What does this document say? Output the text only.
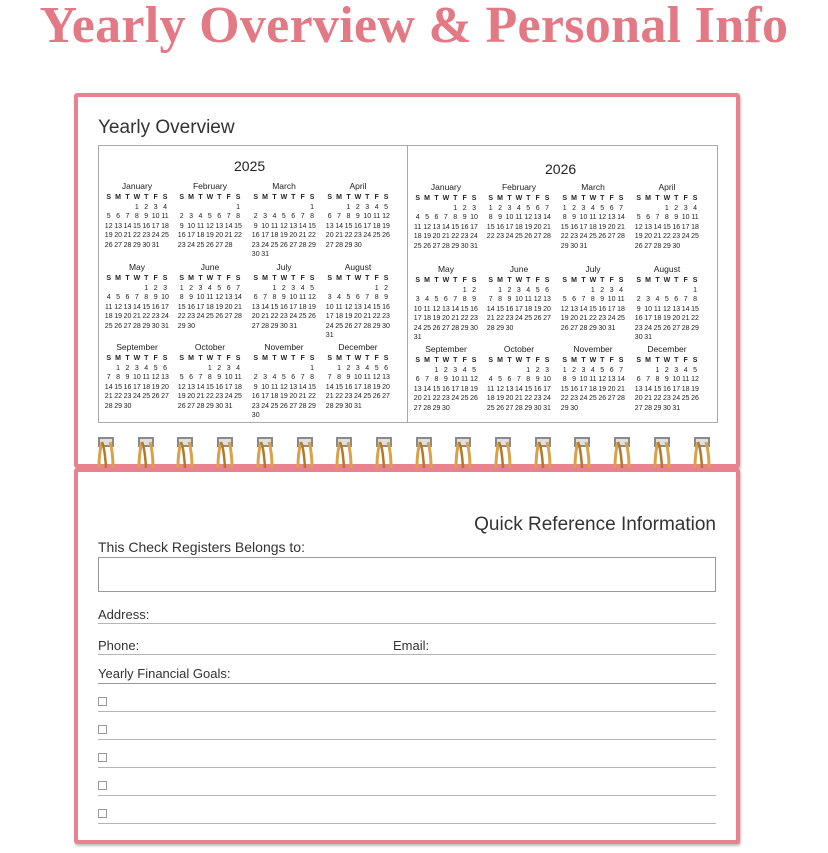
Yearly Overview & Personal Info
Yearly Overview
2025	2026
January
S M T W T F S
1 2 3 4
5 6 7 8 9 10 11
12 13 14 15 16 17 18
19 20 21 22 23 24 25
26 27 28 29 30 31
February
S M T W T F S
1
2 3 4 5 6 7 8
9 10 11 12 13 14 15
16 17 18 19 20 21 22
23 24 25 26 27 28
March
S M T W T F S
1
2 3 4 5 6 7 8
9 10 11 12 13 14 15
16 17 18 19 20 21 22
23 24 25 26 27 28 29
30 31
April
S M T W T F S
1 2 3 4 5
6 7 8 9 10 11 12
13 14 15 16 17 18 19
20 21 22 23 24 25 26
27 28 29 30
May
S M T W T F S
1 2 3
4 5 6 7 8 9 10
11 12 13 14 15 16 17
18 19 20 21 22 23 24
25 26 27 28 29 30 31
June
S M T W T F S
1 2 3 4 5 6 7
8 9 10 11 12 13 14
15 16 17 18 19 20 21
22 23 24 25 26 27 28
29 30
July
S M T W T F S
1 2 3 4 5
6 7 8 9 10 11 12
13 14 15 16 17 18 19
20 21 22 23 24 25 26
27 28 29 30 31
August
S M T W T F S
1 2
3 4 5 6 7 8 9
10 11 12 13 14 15 16
17 18 19 20 21 22 23
24 25 26 27 28 29 30
31
September
S M T W T F S
1 2 3 4 5 6
7 8 9 10 11 12 13
14 15 16 17 18 19 20
21 22 23 24 25 26 27
28 29 30
October
S M T W T F S
1 2 3 4
5 6 7 8 9 10 11
12 13 14 15 16 17 18
19 20 21 22 23 24 25
26 27 28 29 30 31
November
S M T W T F S
1
2 3 4 5 6 7 8
9 10 11 12 13 14 15
16 17 18 19 20 21 22
23 24 25 26 27 28 29
30
December
S M T W T F S
1 2 3 4 5 6
7 8 9 10 11 12 13
14 15 16 17 18 19 20
21 22 23 24 25 26 27
28 29 30 31
January
S M T W T F S
1 2 3
4 5 6 7 8 9 10
11 12 13 14 15 16 17
18 19 20 21 22 23 24
25 26 27 28 29 30 31
February
S M T W T F S
1 2 3 4 5 6 7
8 9 10 11 12 13 14
15 16 17 18 19 20 21
22 23 24 25 26 27 28
March
S M T W T F S
1 2 3 4 5 6 7
8 9 10 11 12 13 14
15 16 17 18 19 20 21
22 23 24 25 26 27 28
29 30 31
April
S M T W T F S
1 2 3 4
5 6 7 8 9 10 11
12 13 14 15 16 17 18
19 20 21 22 23 24 25
26 27 28 29 30
May
S M T W T F S
1 2
3 4 5 6 7 8 9
10 11 12 13 14 15 16
17 18 19 20 21 22 23
24 25 26 27 28 29 30
31
June
S M T W T F S
1 2 3 4 5 6
7 8 9 10 11 12 13
14 15 16 17 18 19 20
21 22 23 24 25 26 27
28 29 30
July
S M T W T F S
1 2 3 4
5 6 7 8 9 10 11
12 13 14 15 16 17 18
19 20 21 22 23 24 25
26 27 28 29 30 31
August
S M T W T F S
1
2 3 4 5 6 7 8
9 10 11 12 13 14 15
16 17 18 19 20 21 22
23 24 25 26 27 28 29
30 31
September
S M T W T F S
1 2 3 4 5
6 7 8 9 10 11 12
13 14 15 16 17 18 19
20 21 22 23 24 25 26
27 28 29 30
October
S M T W T F S
1 2 3
4 5 6 7 8 9 10
11 12 13 14 15 16 17
18 19 20 21 22 23 24
25 26 27 28 29 30 31
November
S M T W T F S
1 2 3 4 5 6 7
8 9 10 11 12 13 14
15 16 17 18 19 20 21
22 23 24 25 26 27 28
29 30
December
S M T W T F S
1 2 3 4 5
6 7 8 9 10 11 12
13 14 15 16 17 18 19
20 21 22 23 24 25 26
27 28 29 30 31
Quick Reference Information
This Check Registers Belongs to:
Address:
Phone:	Email:
Yearly Financial Goals:
